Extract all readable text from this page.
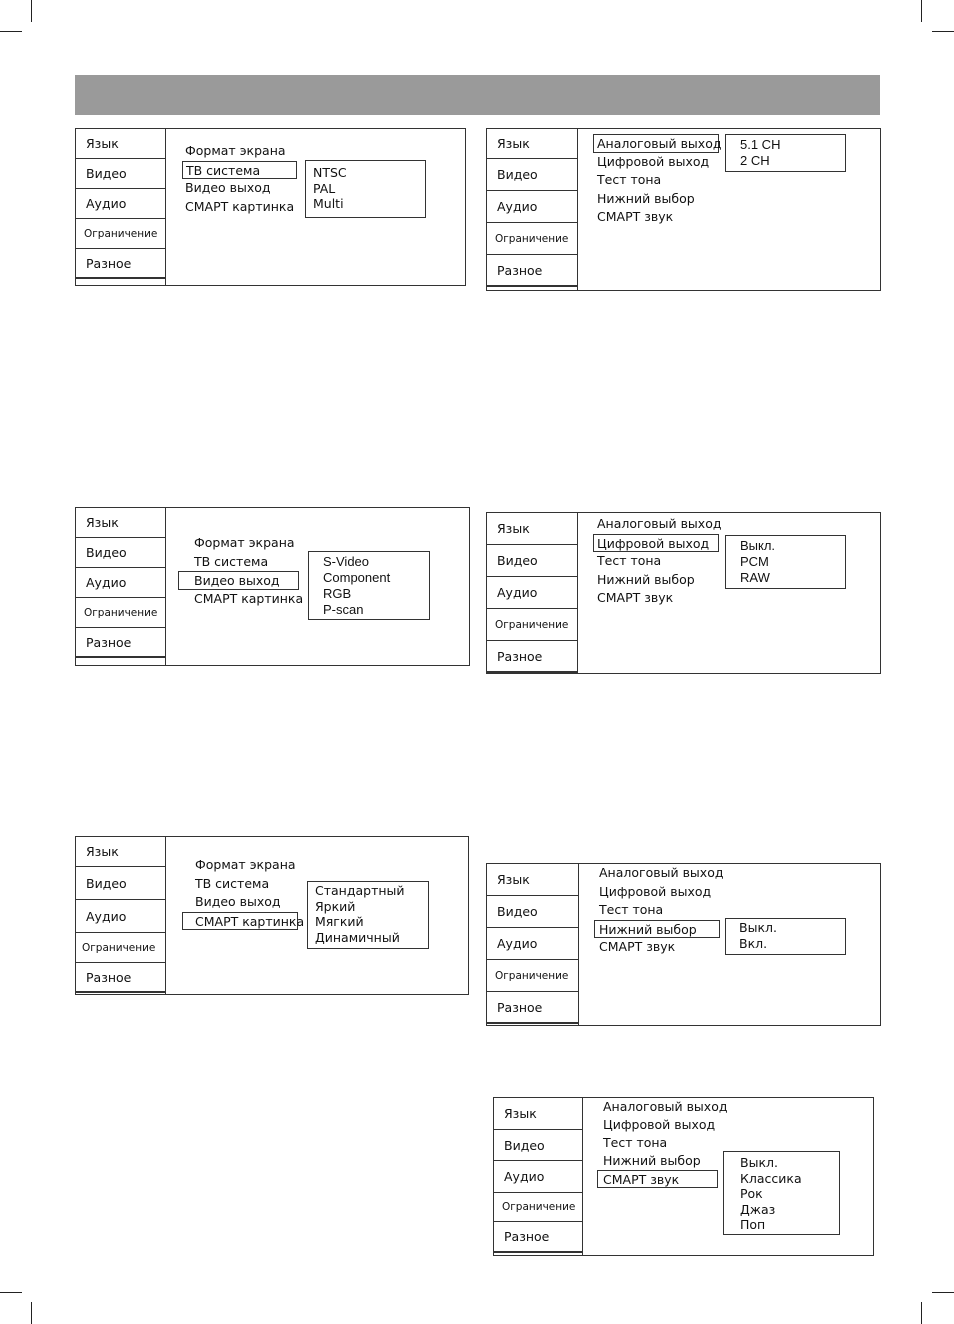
Язык
Видео
Аудио
Ограничение
Разное
Формат экрана
ТВ система
Видео выход
СМАРТ картинка
NTSC
PAL
Multi
Язык
Видео
Аудио
Ограничение
Разное
Формат экрана
ТВ система
Видео выход
СМАРТ картинка
S-Video
Component
RGB
P-scan
Язык
Видео
Аудио
Ограничение
Разное
Формат экрана
ТВ система
Видео выход
СМАРТ картинка
Стандартный
Яркий
Мягкий
Динамичный
Язык
Видео
Аудио
Ограничение
Разное
Аналоговый выход
Цифровой выход
Тест тона
Нижний выбор
СМАРТ звук
5.1 CH
2 CH
Язык
Видео
Аудио
Ограничение
Разное
Аналоговый выход
Цифровой выход
Тест тона
Нижний выбор
СМАРТ звук
Выкл.
PCM
RAW
Язык
Видео
Аудио
Ограничение
Разное
Аналоговый выход
Цифровой выход
Тест тона
Нижний выбор
СМАРТ звук
Выкл.
Вкл.
Язык
Видео
Аудио
Ограничение
Разное
Аналоговый выход
Цифровой выход
Тест тона
Нижний выбор
СМАРТ звук
Выкл.
Классика
Рок
Джаз
Поп
